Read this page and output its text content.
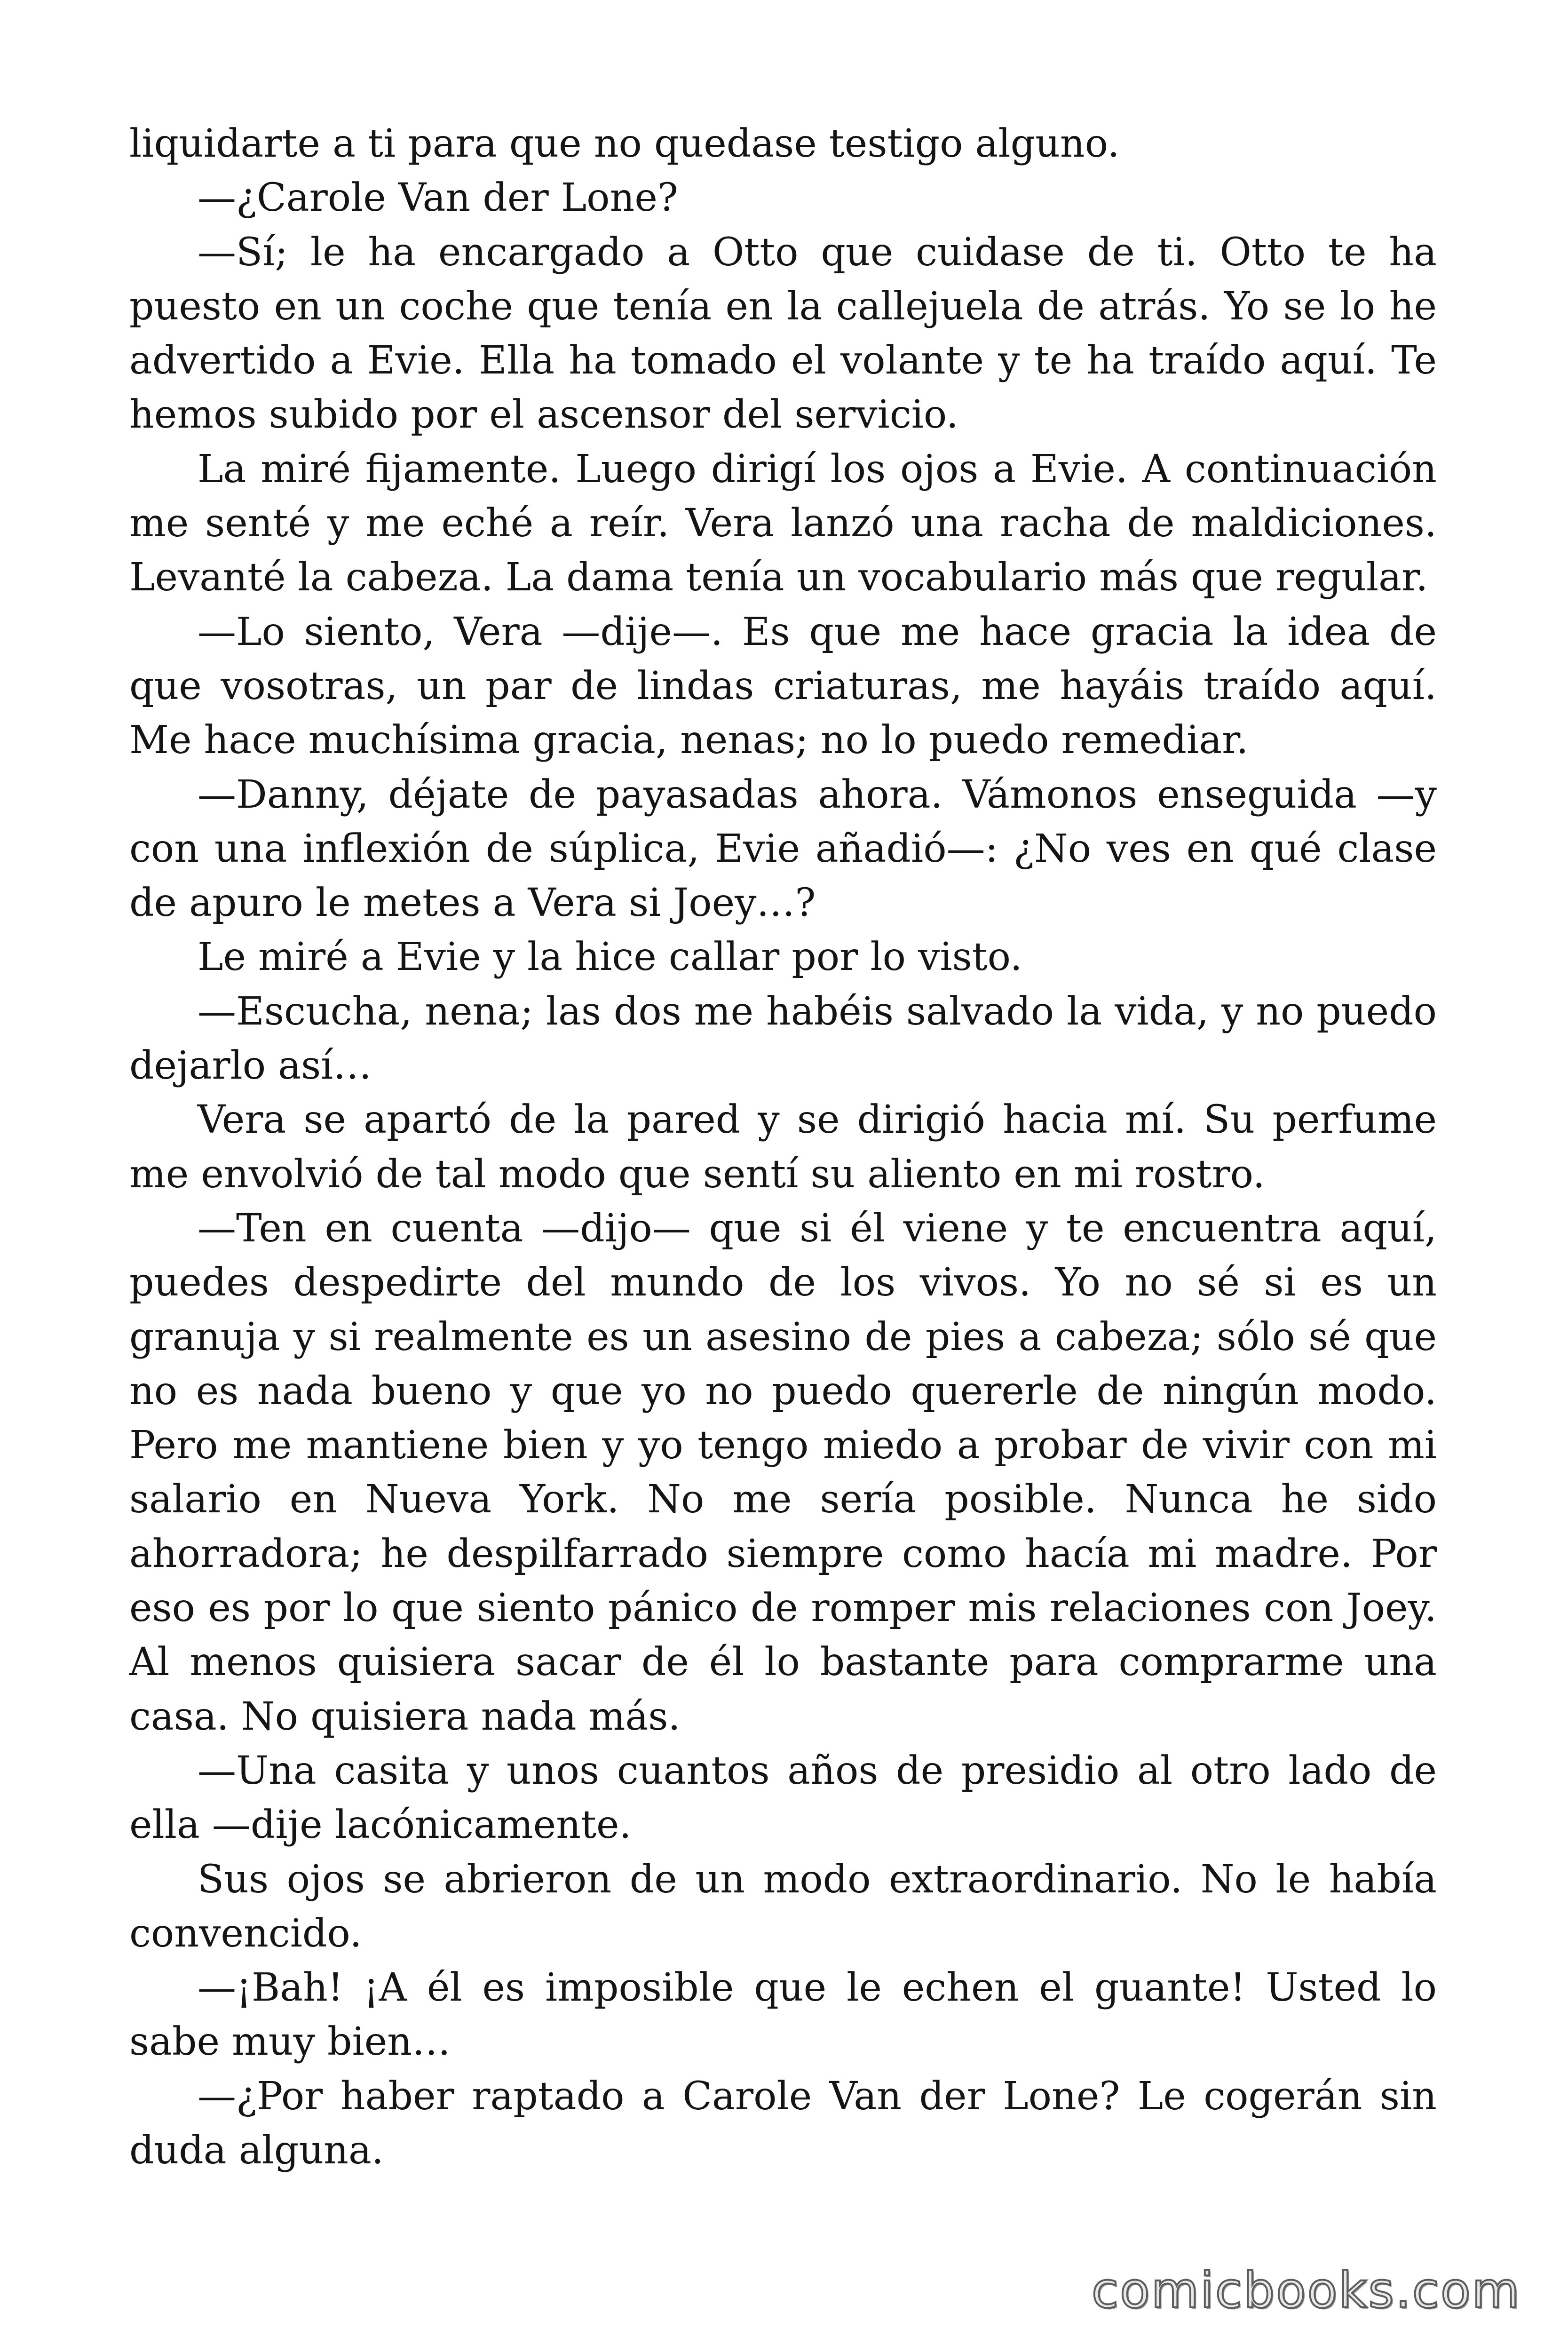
liquidarte a ti para que no quedase testigo alguno.

—¿Carole Van der Lone?

—Sí; le ha encargado a Otto que cuidase de ti. Otto te ha puesto en un coche que tenía en la callejuela de atrás. Yo se lo he advertido a Evie. Ella ha tomado el volante y te ha traído aquí. Te hemos subido por el ascensor del servicio.

La miré fijamente. Luego dirigí los ojos a Evie. A continuación me senté y me eché a reír. Vera lanzó una racha de maldiciones. Levanté la cabeza. La dama tenía un vocabulario más que regular.

—Lo siento, Vera —dije—. Es que me hace gracia la idea de que vosotras, un par de lindas criaturas, me hayáis traído aquí. Me hace muchísima gracia, nenas; no lo puedo remediar.

—Danny, déjate de payasadas ahora. Vámonos enseguida —y con una inflexión de súplica, Evie añadió—: ¿No ves en qué clase de apuro le metes a Vera si Joey…?

Le miré a Evie y la hice callar por lo visto.

—Escucha, nena; las dos me habéis salvado la vida, y no puedo dejarlo así…

Vera se apartó de la pared y se dirigió hacia mí. Su perfume me envolvió de tal modo que sentí su aliento en mi rostro.

—Ten en cuenta —dijo— que si él viene y te encuentra aquí, puedes despedirte del mundo de los vivos. Yo no sé si es un granuja y si realmente es un asesino de pies a cabeza; sólo sé que no es nada bueno y que yo no puedo quererle de ningún modo. Pero me mantiene bien y yo tengo miedo a probar de vivir con mi salario en Nueva York. No me sería posible. Nunca he sido ahorradora; he despilfarrado siempre como hacía mi madre. Por eso es por lo que siento pánico de romper mis relaciones con Joey. Al menos quisiera sacar de él lo bastante para comprarme una casa. No quisiera nada más.

—Una casita y unos cuantos años de presidio al otro lado de ella —dije lacónicamente.

Sus ojos se abrieron de un modo extraordinario. No le había convencido.

—¡Bah! ¡A él es imposible que le echen el guante! Usted lo sabe muy bien…

—¿Por haber raptado a Carole Van der Lone? Le cogerán sin duda alguna.

comicbooks.com
